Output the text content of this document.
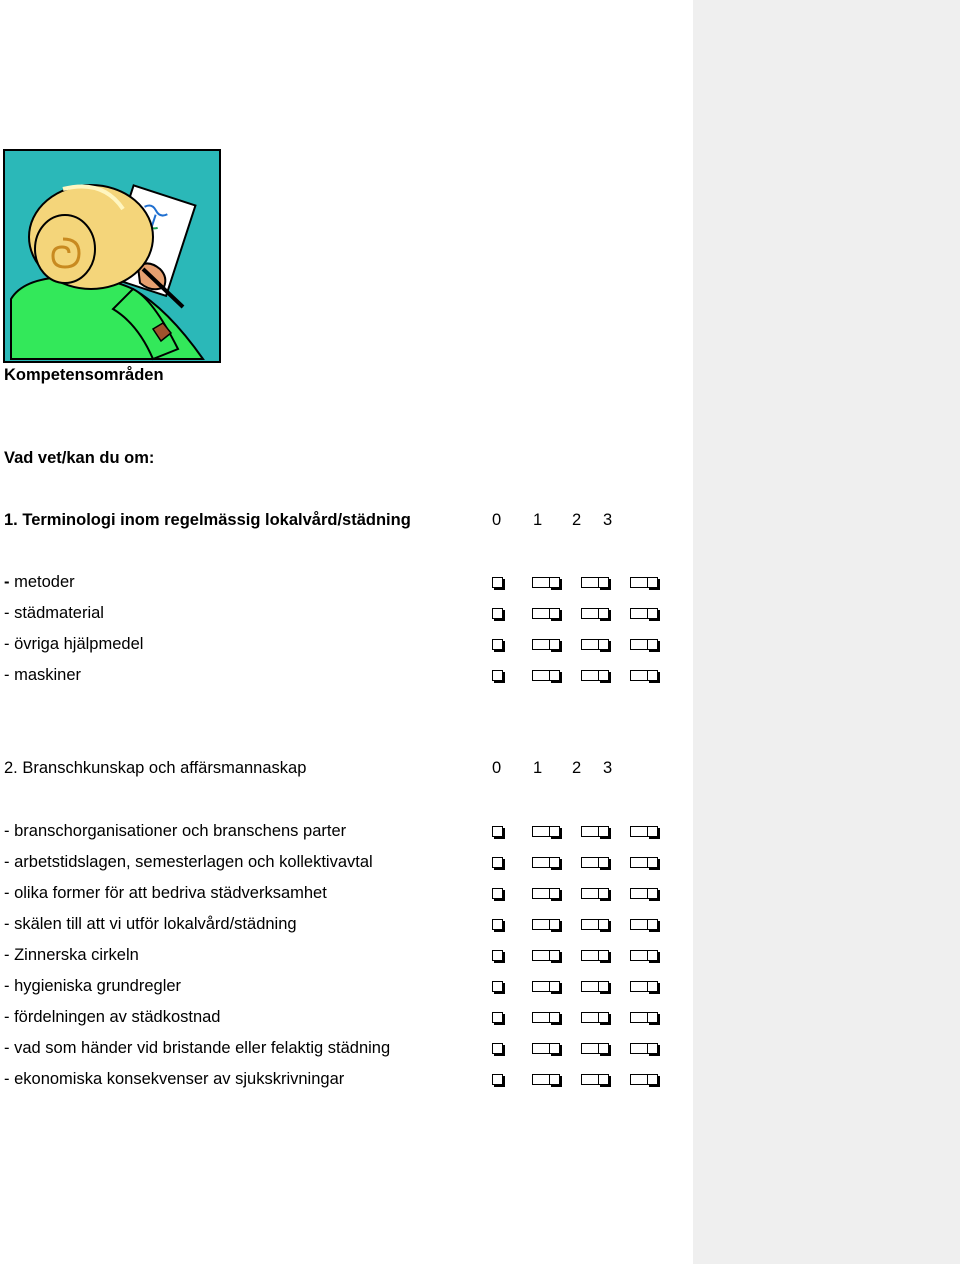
Kompetensområden

Vad vet/kan du om:

1. Terminologi inom regelmässig lokalvård/städning	0 1 2 3
- metoder
- städmaterial
- övriga hjälpmedel
- maskiner
2. Branschkunskap och affärsmannaskap	0 1 2 3
- branschorganisationer och branschens parter
- arbetstidslagen, semesterlagen och kollektivavtal
- olika former för att bedriva städverksamhet
- skälen till att vi utför lokalvård/städning
- Zinnerska cirkeln
- hygieniska grundregler
- fördelningen av städkostnad
- vad som händer vid bristande eller felaktig städning
- ekonomiska konsekvenser av sjukskrivningar
